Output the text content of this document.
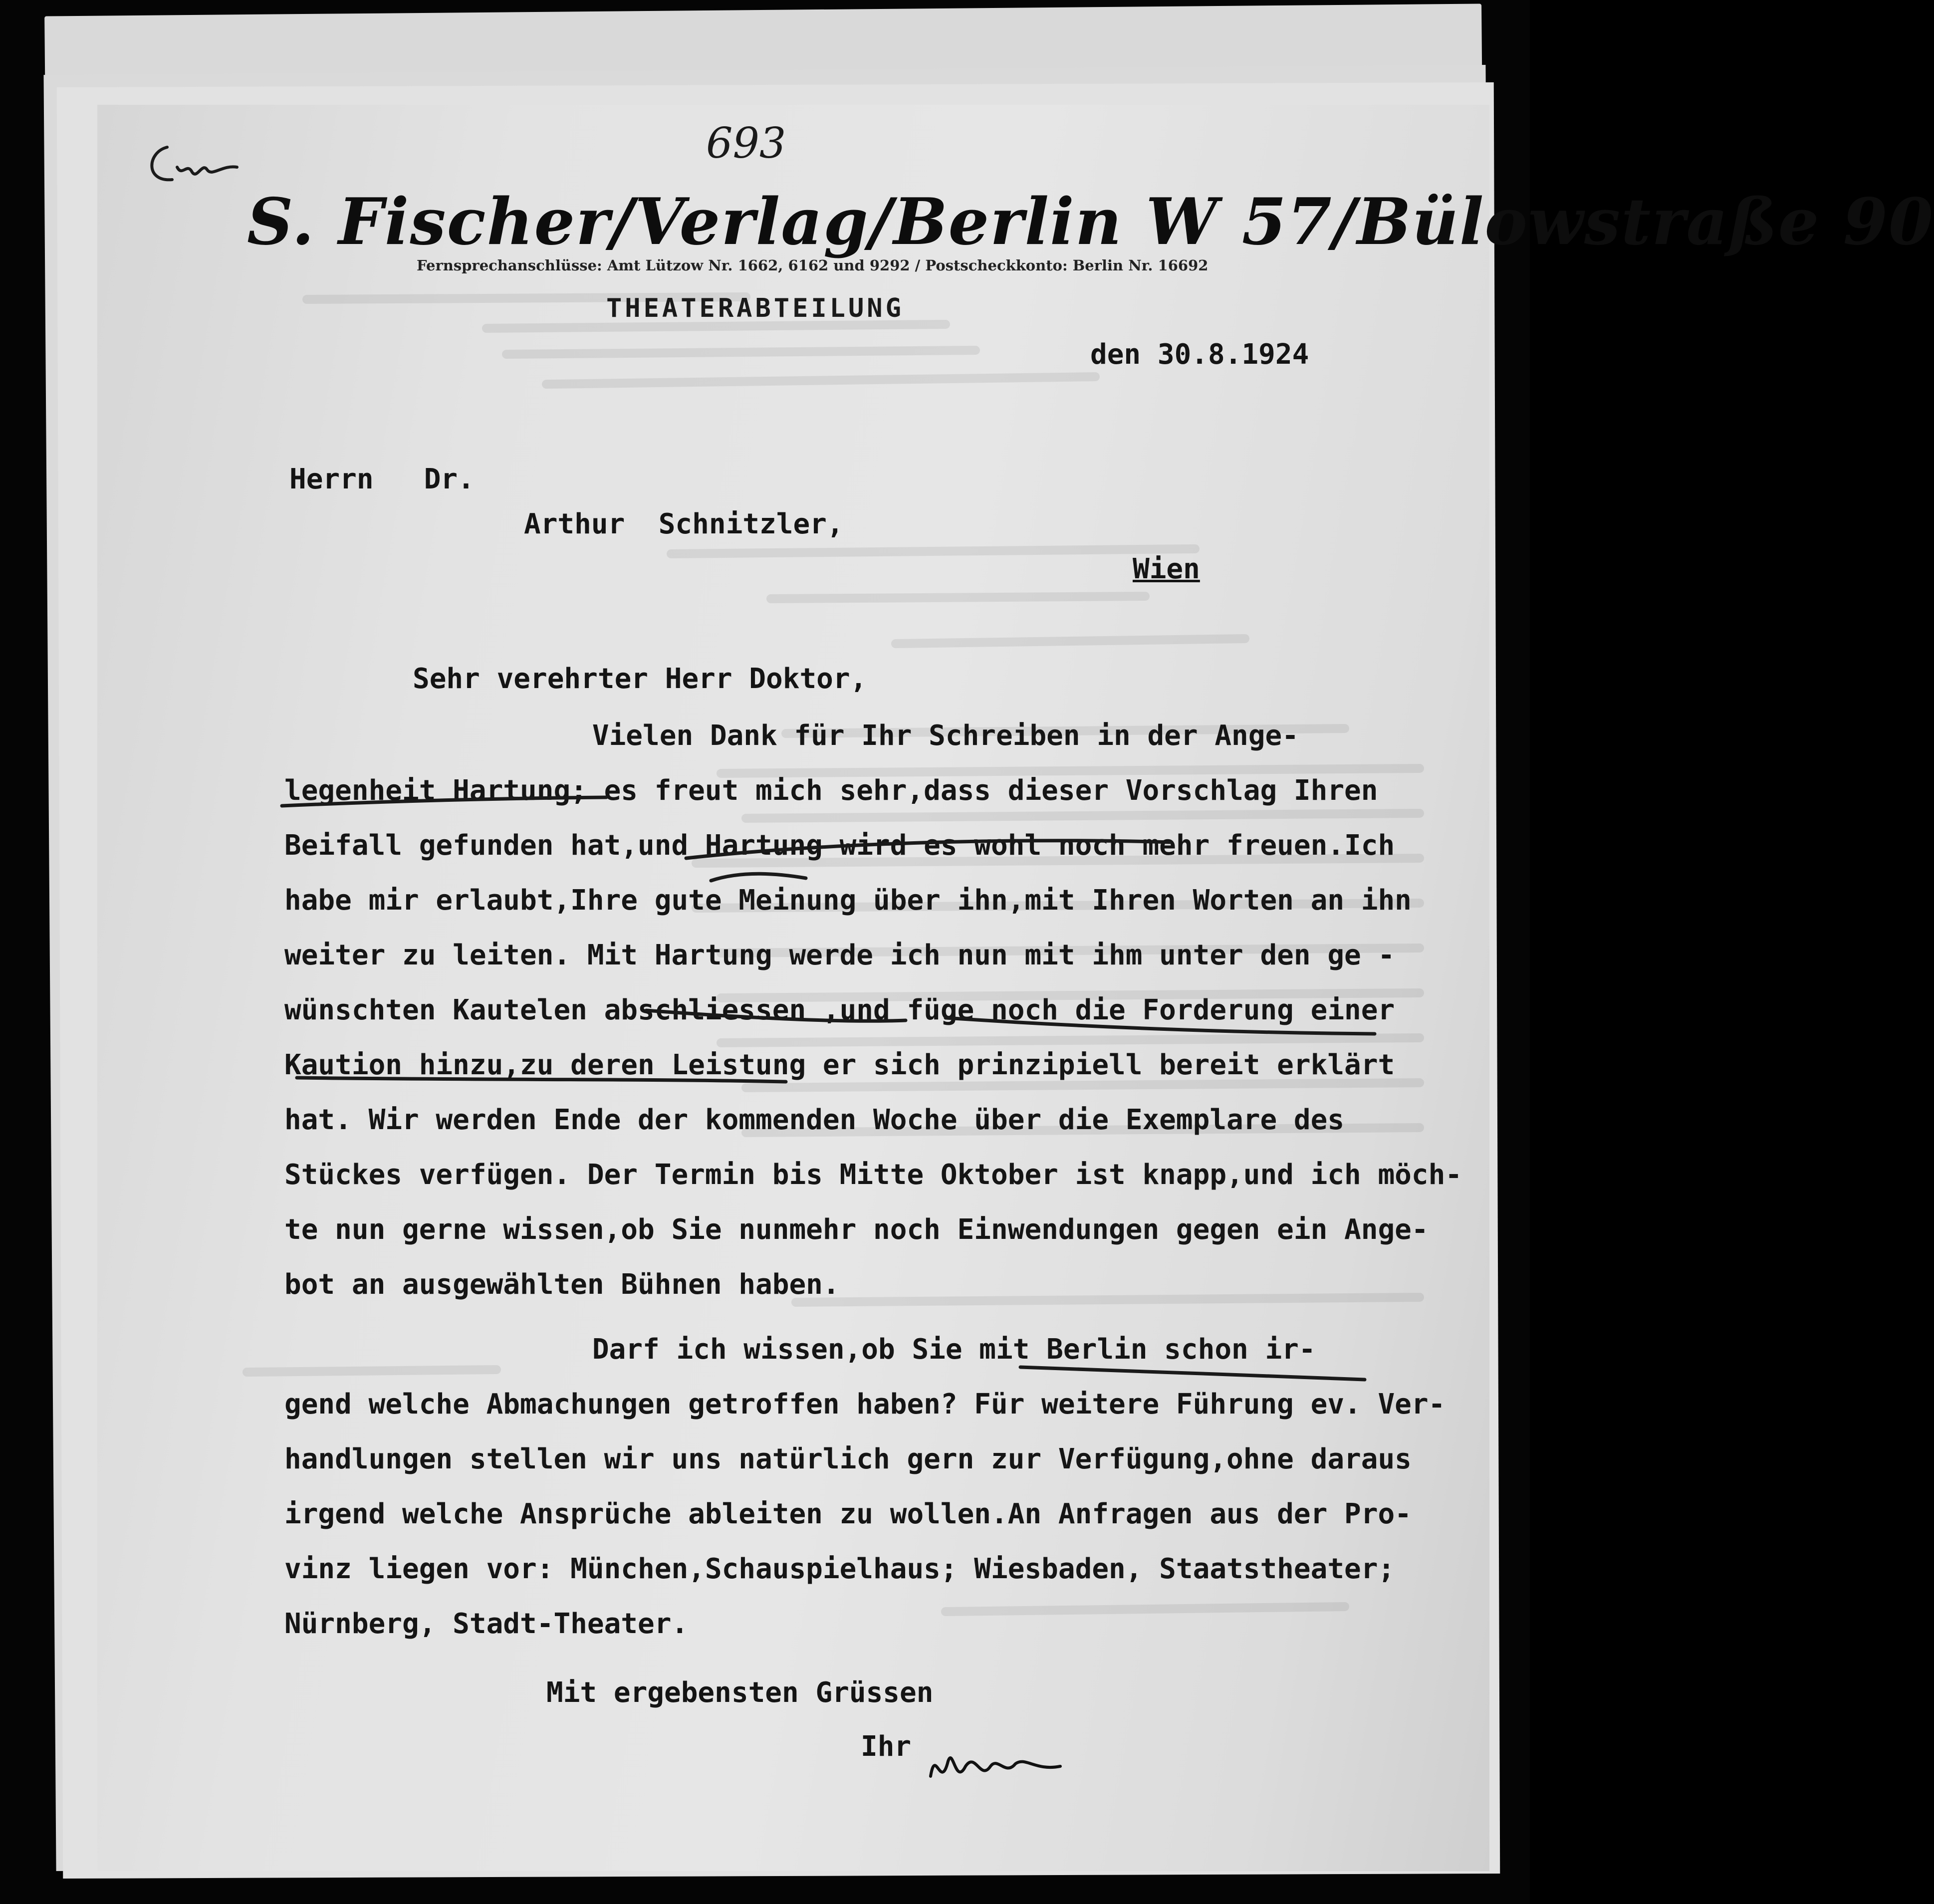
693
S. Fischer/Verlag/Berlin W 57/Bülowstraße 90
Fernsprechanschlüsse: Amt Lützow Nr. 1662, 6162 und 9292 / Postscheckkonto: Berlin Nr. 16692
THEATERABTEILUNG
den 30.8.1924
Herrn   Dr.
Arthur  Schnitzler,
Wien
Sehr verehrter Herr Doktor,
Vielen Dank für Ihr Schreiben in der Ange-
legenheit Hartung; es freut mich sehr,dass dieser Vorschlag Ihren
Beifall gefunden hat,und Hartung wird es wohl noch mehr freuen.Ich
habe mir erlaubt,Ihre gute Meinung über ihn,mit Ihren Worten an ihn
weiter zu leiten. Mit Hartung werde ich nun mit ihm unter den ge -
wünschten Kautelen abschliessen ,und füge noch die Forderung einer
Kaution hinzu,zu deren Leistung er sich prinzipiell bereit erklärt
hat. Wir werden Ende der kommenden Woche über die Exemplare des
Stückes verfügen. Der Termin bis Mitte Oktober ist knapp,und ich möch-
te nun gerne wissen,ob Sie nunmehr noch Einwendungen gegen ein Ange-
bot an ausgewählten Bühnen haben.
Darf ich wissen,ob Sie mit Berlin schon ir-
gend welche Abmachungen getroffen haben? Für weitere Führung ev. Ver-
handlungen stellen wir uns natürlich gern zur Verfügung,ohne daraus
irgend welche Ansprüche ableiten zu wollen.An Anfragen aus der Pro-
vinz liegen vor: München,Schauspielhaus; Wiesbaden, Staatstheater;
Nürnberg, Stadt-Theater.
Mit ergebensten Grüssen
Ihr
